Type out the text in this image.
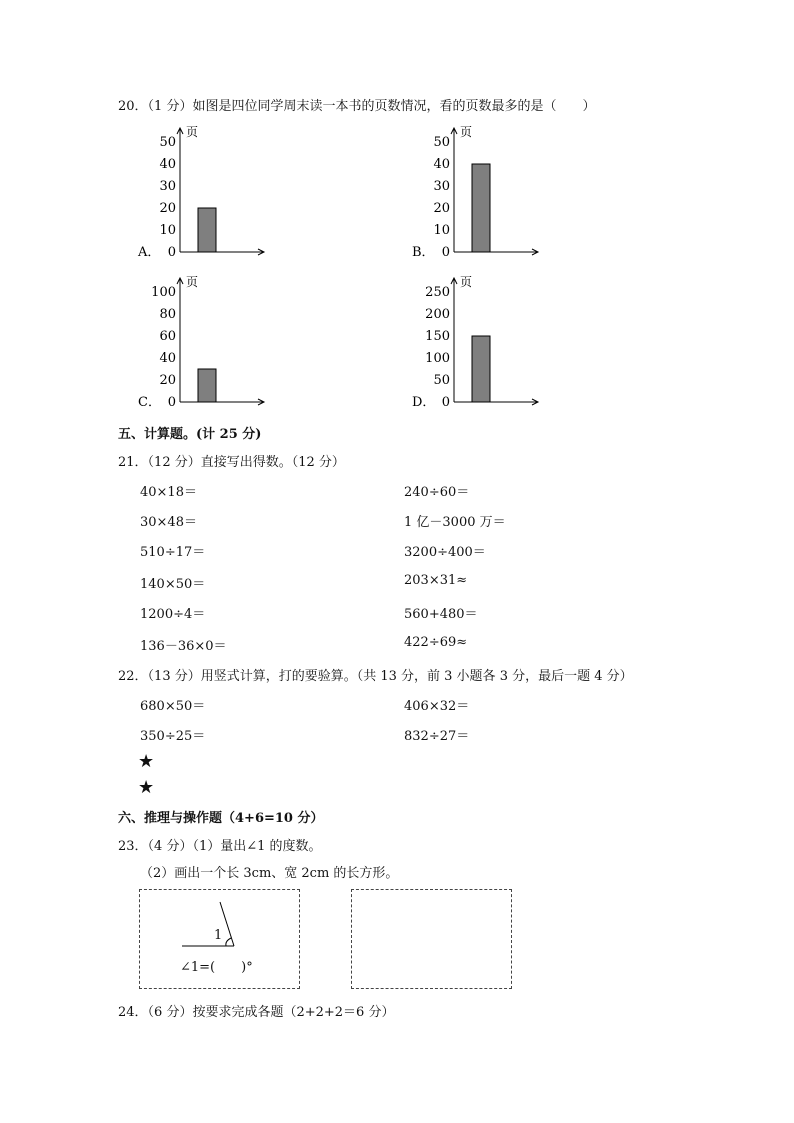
20．（1 分）如图是四位同学周末读一本书的页数情况，看的页数最多的是（　　）
页
0
10
20
30
40
50
A．
页
0
10
20
30
40
50
B．
页
0
20
40
60
80
100
C．
页
0
50
100
150
200
250
D．
五、计算题。(计 25 分)
21．（12 分）直接写出得数。（12 分）
40×18＝	240÷60＝
30×48＝	1 亿－3000 万＝
510÷17＝	3200÷400＝
140×50＝	203×31≈
1200÷4＝	560+480＝
136－36×0＝	422÷69≈
22．（13 分）用竖式计算，打的要验算。（共 13 分，前 3 小题各 3 分，最后一题 4 分）
680×50＝	406×32＝
350÷25＝	832÷27＝
★
★
六、推理与操作题（4+6=10 分）
23．（4 分）（1）量出∠1 的度数。
（2）画出一个长 3cm、宽 2cm 的长方形。
1
∠1=(　　)°
24．（6 分）按要求完成各题（2+2+2＝6 分）
